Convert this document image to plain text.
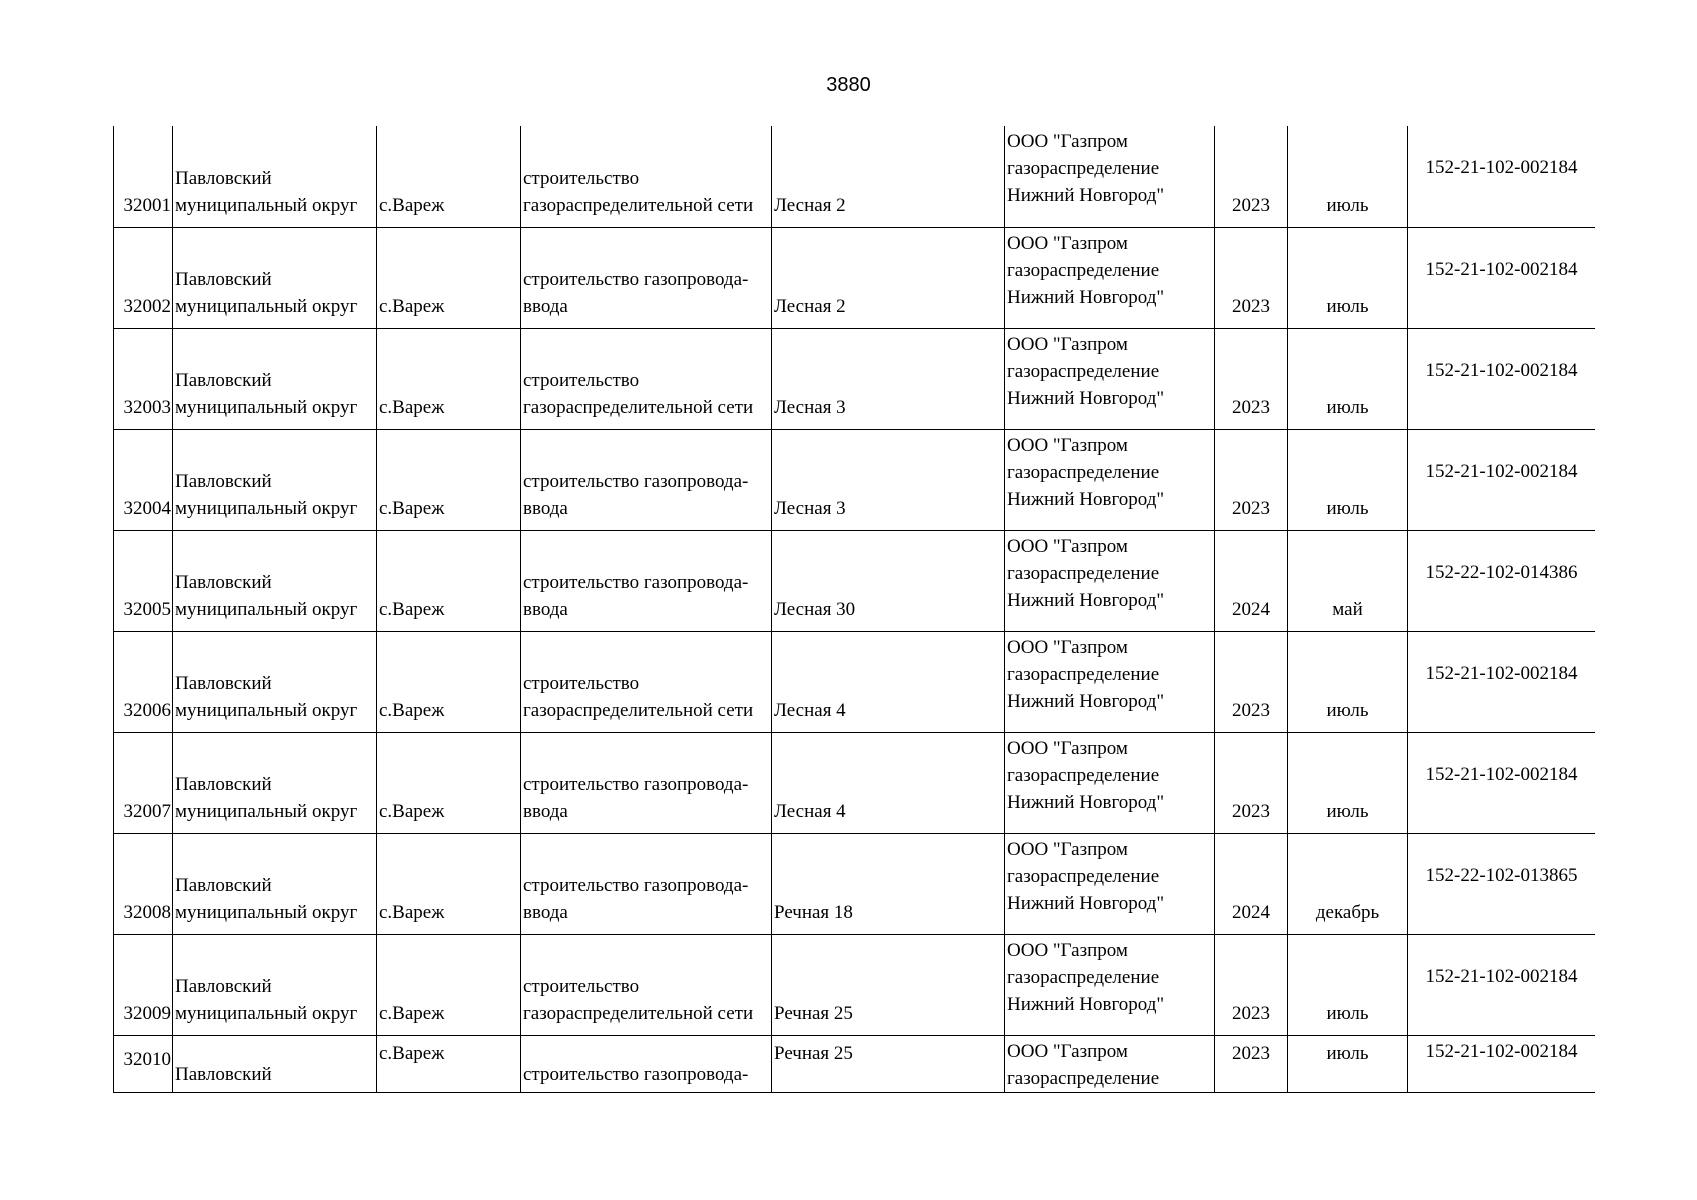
3880
32001	Павловский
муниципальный округ	с.Вареж	строительство
газораспределительной сети	Лесная 2	ООО "Газпром
газораспределение
Нижний Новгород"	2023	июль	152-21-102-002184

32002	Павловский
муниципальный округ	с.Вареж	строительство газопровода-
ввода	Лесная 2	ООО "Газпром
газораспределение
Нижний Новгород"	2023	июль	152-21-102-002184

32003	Павловский
муниципальный округ	с.Вареж	строительство
газораспределительной сети	Лесная 3	ООО "Газпром
газораспределение
Нижний Новгород"	2023	июль	152-21-102-002184

32004	Павловский
муниципальный округ	с.Вареж	строительство газопровода-
ввода	Лесная 3	ООО "Газпром
газораспределение
Нижний Новгород"	2023	июль	152-21-102-002184

32005	Павловский
муниципальный округ	с.Вареж	строительство газопровода-
ввода	Лесная 30	ООО "Газпром
газораспределение
Нижний Новгород"	2024	май	152-22-102-014386

32006	Павловский
муниципальный округ	с.Вареж	строительство
газораспределительной сети	Лесная 4	ООО "Газпром
газораспределение
Нижний Новгород"	2023	июль	152-21-102-002184

32007	Павловский
муниципальный округ	с.Вареж	строительство газопровода-
ввода	Лесная 4	ООО "Газпром
газораспределение
Нижний Новгород"	2023	июль	152-21-102-002184

32008	Павловский
муниципальный округ	с.Вареж	строительство газопровода-
ввода	Речная 18	ООО "Газпром
газораспределение
Нижний Новгород"	2024	декабрь	152-22-102-013865

32009	Павловский
муниципальный округ	с.Вареж	строительство
газораспределительной сети	Речная 25	ООО "Газпром
газораспределение
Нижний Новгород"	2023	июль	152-21-102-002184

32010	Павловский	с.Вареж	строительство газопровода-	Речная 25	ООО "Газпром
газораспределение	2023	июль	152-21-102-002184
